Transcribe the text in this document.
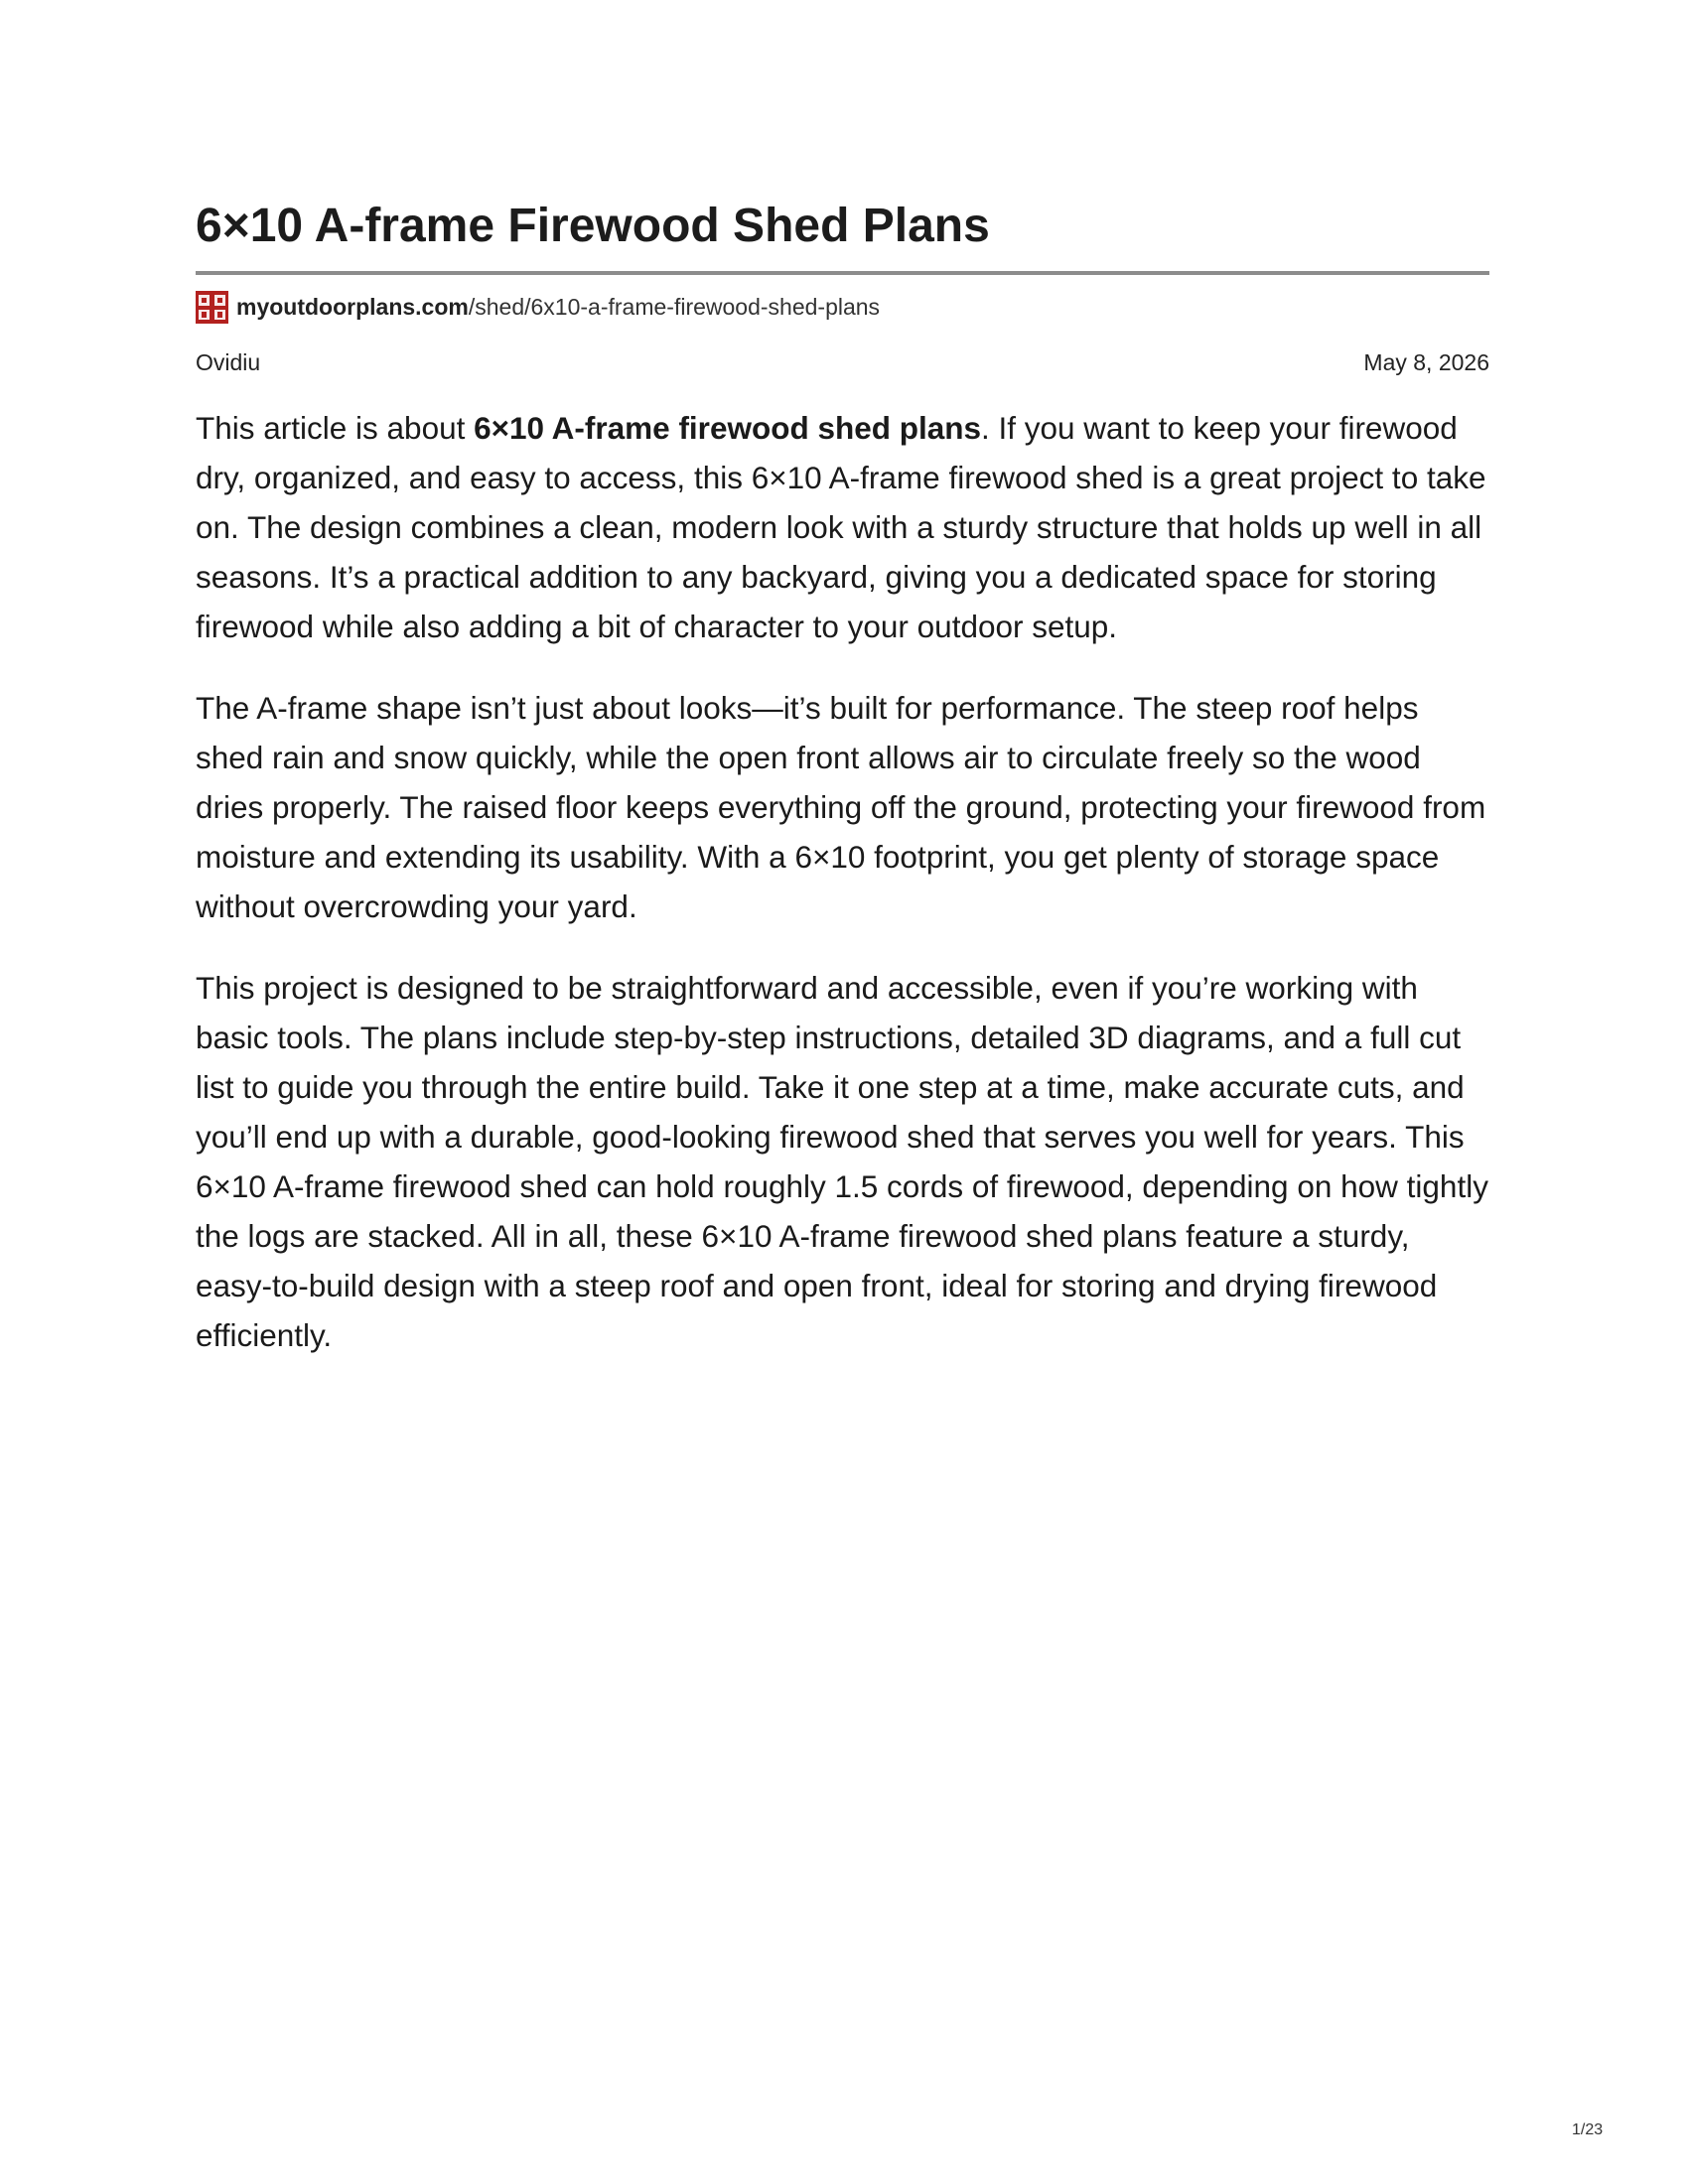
6×10 A-frame Firewood Shed Plans
myoutdoorplans.com /shed/6x10-a-frame-firewood-shed-plans
Ovidiu	May 8, 2026

This article is about 6×10 A-frame firewood shed plans. If you want to keep your firewood dry, organized, and easy to access, this 6×10 A-frame firewood shed is a great project to take on. The design combines a clean, modern look with a sturdy structure that holds up well in all seasons. It’s a practical addition to any backyard, giving you a dedicated space for storing firewood while also adding a bit of character to your outdoor setup.

The A-frame shape isn’t just about looks—it’s built for performance. The steep roof helps shed rain and snow quickly, while the open front allows air to circulate freely so the wood dries properly. The raised floor keeps everything off the ground, protecting your firewood from moisture and extending its usability. With a 6×10 footprint, you get plenty of storage space without overcrowding your yard.

This project is designed to be straightforward and accessible, even if you’re working with basic tools. The plans include step-by-step instructions, detailed 3D diagrams, and a full cut list to guide you through the entire build. Take it one step at a time, make accurate cuts, and you’ll end up with a durable, good-looking firewood shed that serves you well for years. This 6×10 A-frame firewood shed can hold roughly 1.5 cords of firewood, depending on how tightly the logs are stacked. All in all, these 6×10 A-frame firewood shed plans feature a sturdy, easy-to-build design with a steep roof and open front, ideal for storing and drying firewood efficiently.

1/23
